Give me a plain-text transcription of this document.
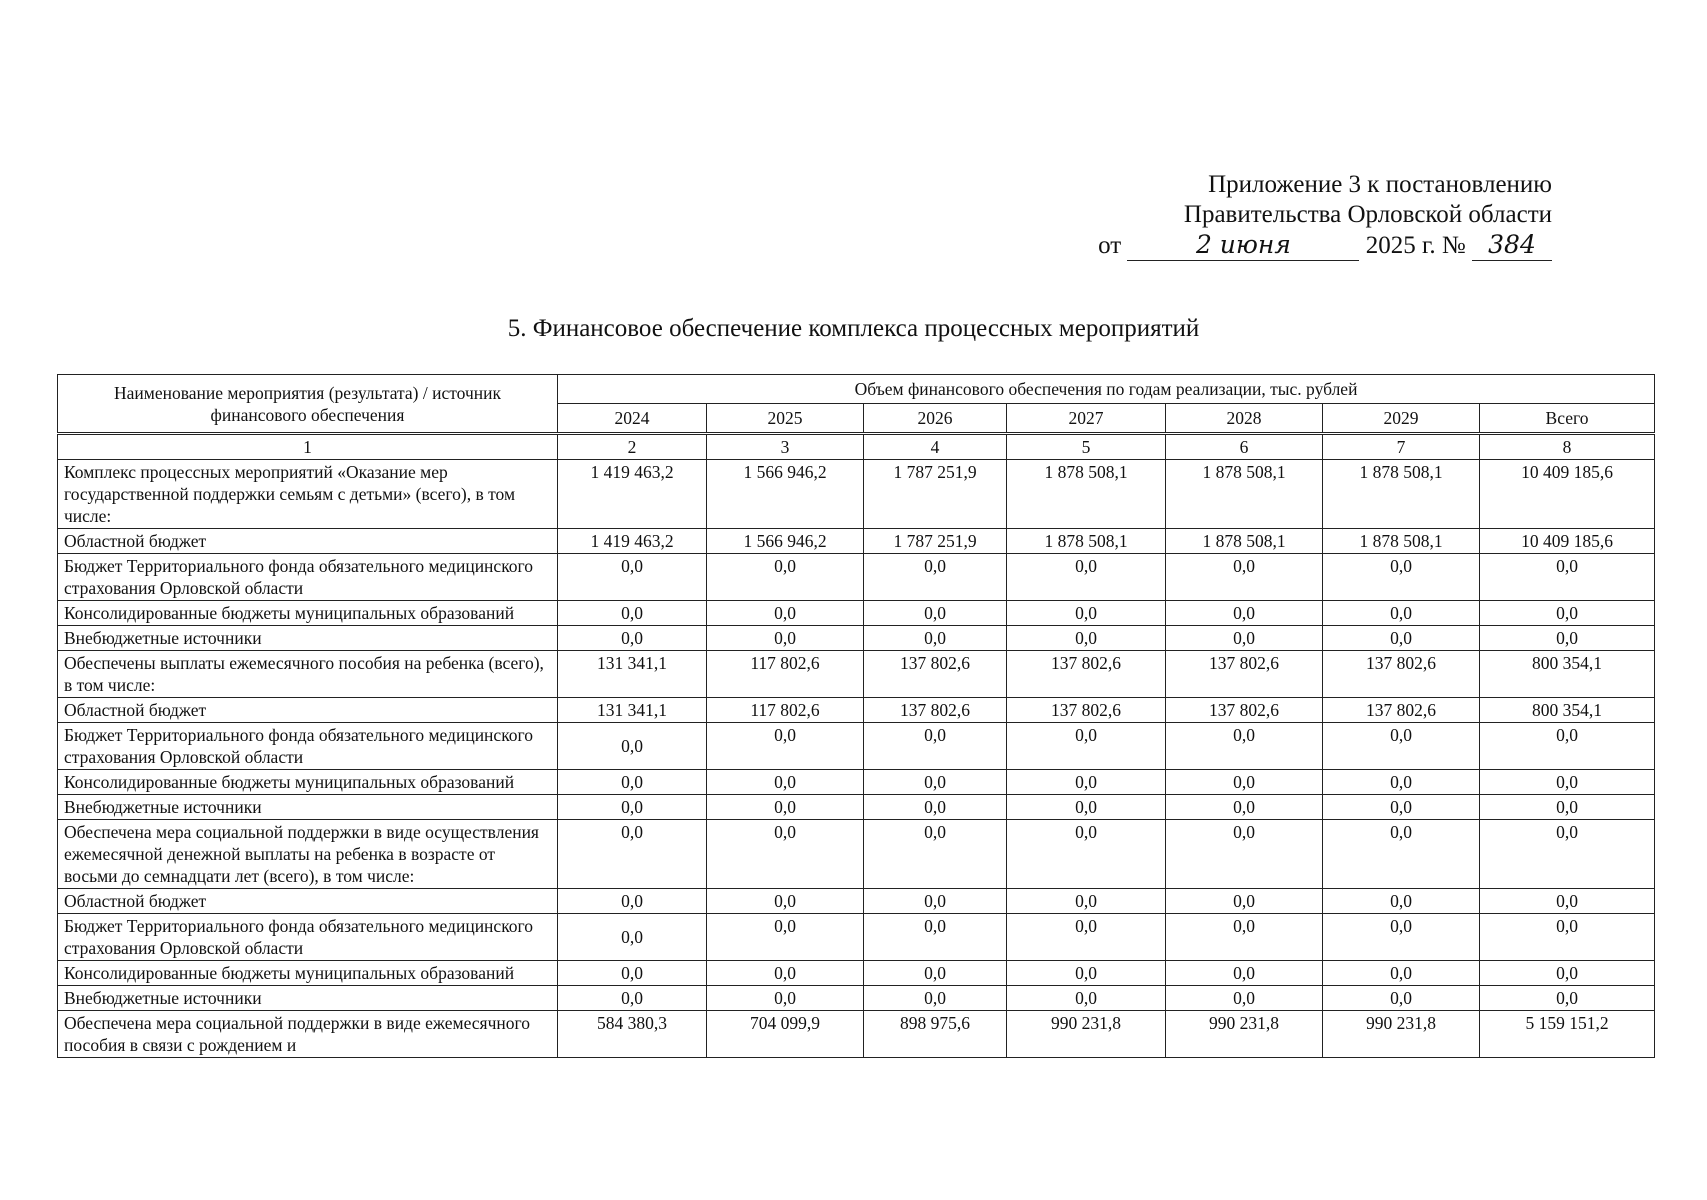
Приложение 3 к постановлению
Правительства Орловской области
от	2 июня	2025 г. № 384
5. Финансовое обеспечение комплекса процессных мероприятий
Наименование мероприятия (результата) / источник финансового обеспечения	Объем финансового обеспечения по годам реализации, тыс. рублей						
	2024	2025	2026	2027	2028	2029	Всего
1	2	3	4	5	6	7	8
Комплекс процессных мероприятий «Оказание мер государственной поддержки семьям с детьми» (всего), в том числе:	1 419 463,2	1 566 946,2	1 787 251,9	1 878 508,1	1 878 508,1	1 878 508,1	10 409 185,6
Областной бюджет	1 419 463,2	1 566 946,2	1 787 251,9	1 878 508,1	1 878 508,1	1 878 508,1	10 409 185,6
Бюджет Территориального фонда обязательного медицинского страхования Орловской области	0,0	0,0	0,0	0,0	0,0	0,0	0,0
Консолидированные бюджеты муниципальных образований	0,0	0,0	0,0	0,0	0,0	0,0	0,0
Внебюджетные источники	0,0	0,0	0,0	0,0	0,0	0,0	0,0
Обеспечены выплаты ежемесячного пособия на ребенка (всего), в том числе:	131 341,1	117 802,6	137 802,6	137 802,6	137 802,6	137 802,6	800 354,1
Областной бюджет	131 341,1	117 802,6	137 802,6	137 802,6	137 802,6	137 802,6	800 354,1
Бюджет Территориального фонда обязательного медицинского страхования Орловской области	0,0	0,0	0,0	0,0	0,0	0,0	0,0
Консолидированные бюджеты муниципальных образований	0,0	0,0	0,0	0,0	0,0	0,0	0,0
Внебюджетные источники	0,0	0,0	0,0	0,0	0,0	0,0	0,0
Обеспечена мера социальной поддержки в виде осуществления ежемесячной денежной выплаты на ребенка в возрасте от восьми до семнадцати лет (всего), в том числе:	0,0	0,0	0,0	0,0	0,0	0,0	0,0
Областной бюджет	0,0	0,0	0,0	0,0	0,0	0,0	0,0
Бюджет Территориального фонда обязательного медицинского страхования Орловской области	0,0	0,0	0,0	0,0	0,0	0,0	0,0
Консолидированные бюджеты муниципальных образований	0,0	0,0	0,0	0,0	0,0	0,0	0,0
Внебюджетные источники	0,0	0,0	0,0	0,0	0,0	0,0	0,0
Обеспечена мера социальной поддержки в виде ежемесячного пособия в связи с рождением и	584 380,3	704 099,9	898 975,6	990 231,8	990 231,8	990 231,8	5 159 151,2
